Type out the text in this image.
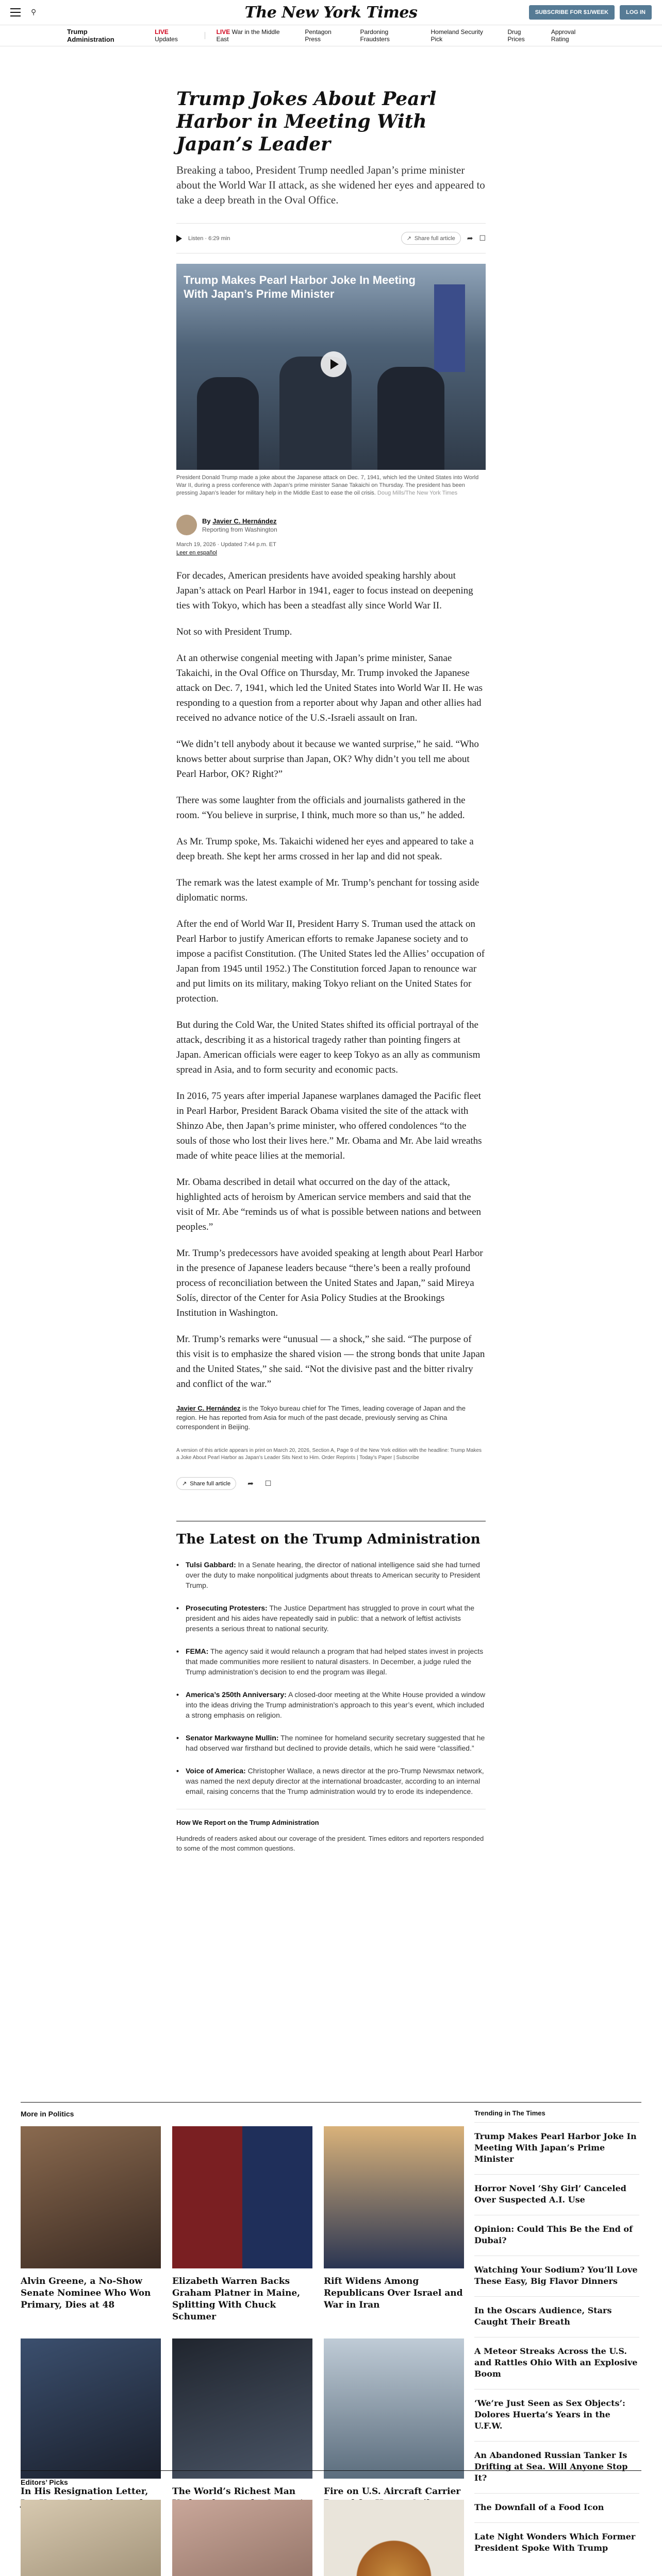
⚲	The New York Times	SUBSCRIBE FOR $1/WEEK	LOG IN
Trump Administration
LIVE Updates
LIVE War in the Middle East
Pentagon Press
Pardoning Fraudsters
Homeland Security Pick
Drug Prices
Approval Rating
Trump Jokes About Pearl Harbor in Meeting With Japan’s Leader

Breaking a taboo, President Trump needled Japan’s prime minister about the World War II attack, as she widened her eyes and appeared to take a deep breath in the Oval Office.

Listen · 6:29 min	↗ Share full article ➦ ☐
Trump Makes Pearl Harbor Joke In Meeting With Japan’s Prime Minister

President Donald Trump made a joke about the Japanese attack on Dec. 7, 1941, which led the United States into World War II, during a press conference with Japan’s prime minister Sanae Takaichi on Thursday. The president has been pressing Japan’s leader for military help in the Middle East to ease the oil crisis. Doug Mills/The New York Times

By Javier C. Hernández
Reporting from Washington
March 19, 2026 · Updated 7:44 p.m. ET
Leer en español

For decades, American presidents have avoided speaking harshly about Japan’s attack on Pearl Harbor in 1941, eager to focus instead on deepening ties with Tokyo, which has been a steadfast ally since World War II.

Not so with President Trump.

At an otherwise congenial meeting with Japan’s prime minister, Sanae Takaichi, in the Oval Office on Thursday, Mr. Trump invoked the Japanese attack on Dec. 7, 1941, which led the United States into World War II. He was responding to a question from a reporter about why Japan and other allies had received no advance notice of the U.S.-Israeli assault on Iran.

“We didn’t tell anybody about it because we wanted surprise,” he said. “Who knows better about surprise than Japan, OK? Why didn’t you tell me about Pearl Harbor, OK? Right?”

There was some laughter from the officials and journalists gathered in the room. “You believe in surprise, I think, much more so than us,” he added.

As Mr. Trump spoke, Ms. Takaichi widened her eyes and appeared to take a deep breath. She kept her arms crossed in her lap and did not speak.

The remark was the latest example of Mr. Trump’s penchant for tossing aside diplomatic norms.

After the end of World War II, President Harry S. Truman used the attack on Pearl Harbor to justify American efforts to remake Japanese society and to impose a pacifist Constitution. (The United States led the Allies’ occupation of Japan from 1945 until 1952.) The Constitution forced Japan to renounce war and put limits on its military, making Tokyo reliant on the United States for protection.

But during the Cold War, the United States shifted its official portrayal of the attack, describing it as a historical tragedy rather than pointing fingers at Japan. American officials were eager to keep Tokyo as an ally as communism spread in Asia, and to form security and economic pacts.

In 2016, 75 years after imperial Japanese warplanes damaged the Pacific fleet in Pearl Harbor, President Barack Obama visited the site of the attack with Shinzo Abe, then Japan’s prime minister, who offered condolences “to the souls of those who lost their lives here.” Mr. Obama and Mr. Abe laid wreaths made of white peace lilies at the memorial.

Mr. Obama described in detail what occurred on the day of the attack, highlighted acts of heroism by American service members and said that the visit of Mr. Abe “reminds us of what is possible between nations and between peoples.”

Mr. Trump’s predecessors have avoided speaking at length about Pearl Harbor in the presence of Japanese leaders because “there’s been a really profound process of reconciliation between the United States and Japan,” said Mireya Solís, director of the Center for Asia Policy Studies at the Brookings Institution in Washington.

Mr. Trump’s remarks were “unusual — a shock,” she said. “The purpose of this visit is to emphasize the shared vision — the strong bonds that unite Japan and the United States,” she said. “Not the divisive past and the bitter rivalry and conflict of the war.”

Javier C. Hernández is the Tokyo bureau chief for The Times, leading coverage of Japan and the region. He has reported from Asia for much of the past decade, previously serving as China correspondent in Beijing.

A version of this article appears in print on March 20, 2026, Section A, Page 9 of the New York edition with the headline: Trump Makes a Joke About Pearl Harbor as Japan’s Leader Sits Next to Him. Order Reprints | Today’s Paper | Subscribe

↗ Share full article ➦ ☐
The Latest on the Trump Administration
• Tulsi Gabbard: In a Senate hearing, the director of national intelligence said she had turned over the duty to make nonpolitical judgments about threats to American security to President Trump.
• Prosecuting Protesters: The Justice Department has struggled to prove in court what the president and his aides have repeatedly said in public: that a network of leftist activists presents a serious threat to national security.
• FEMA: The agency said it would relaunch a program that had helped states invest in projects that made communities more resilient to natural disasters. In December, a judge ruled the Trump administration’s decision to end the program was illegal.
• America’s 250th Anniversary: A closed-door meeting at the White House provided a window into the ideas driving the Trump administration’s approach to this year’s event, which included a strong emphasis on religion.
• Senator Markwayne Mullin: The nominee for homeland security secretary suggested that he had observed war firsthand but declined to provide details, which he said were “classified.”
• Voice of America: Christopher Wallace, a news director at the pro-Trump Newsmax network, was named the next deputy director at the international broadcaster, according to an internal email, raising concerns that the Trump administration would try to erode its independence.
How We Report on the Trump Administration
Hundreds of readers asked about our coverage of the president. Times editors and reporters responded to some of the most common questions.
More in Politics
Alvin Greene, a No-Show Senate Nominee Who Won Primary, Dies at 48
Elizabeth Warren Backs Graham Platner in Maine, Splitting With Chuck Schumer
Rift Widens Among Republicans Over Israel and War in Iran
In His Resignation Letter,	The World’s Richest Man	Fire on U.S. Aircraft Carrier
Trending in The Times
Trump Makes Pearl Harbor Joke In Meeting With Japan’s Prime Minister
Horror Novel ‘Shy Girl’ Canceled Over Suspected A.I. Use
Opinion: Could This Be the End of Dubai?
Watching Your Sodium? You’ll Love These Easy, Big Flavor Dinners
In the Oscars Audience, Stars Caught Their Breath
A Meteor Streaks Across the U.S. and Rattles Ohio With an Explosive Boom
‘We’re Just Seen as Sex Objects’: Dolores Huerta’s Years in the U.F.W.
An Abandoned Russian Tanker Is Drifting at Sea. Will Anyone Stop It?
The Downfall of a Food Icon
Late Night Wonders Which Former President Spoke With Trump
Editors’ Picks
